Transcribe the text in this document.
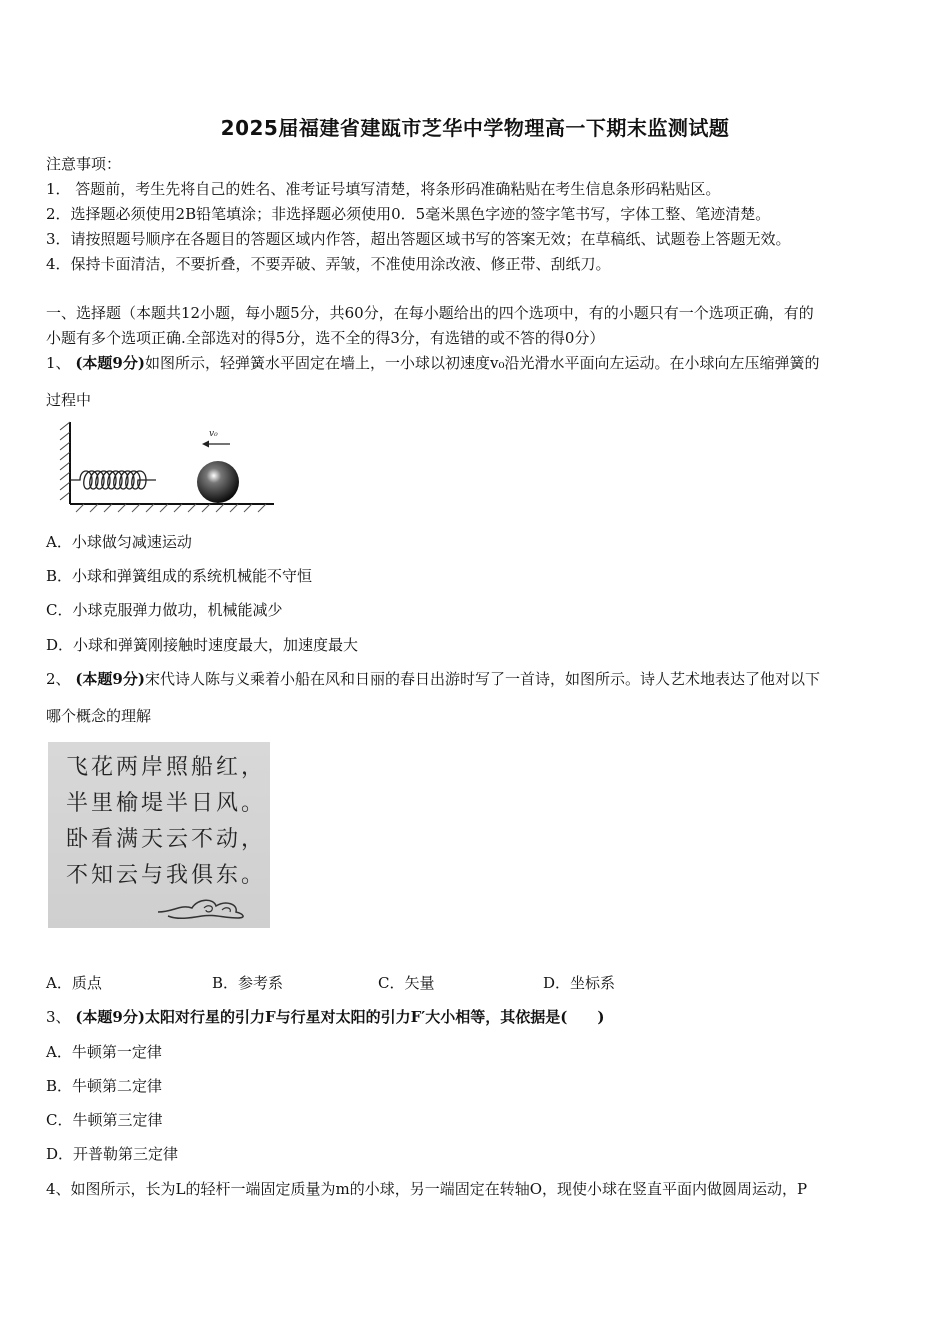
2025届福建省建瓯市芝华中学物理高一下期末监测试题
注意事项：
1． 答题前，考生先将自己的姓名、准考证号填写清楚，将条形码准确粘贴在考生信息条形码粘贴区。
2．选择题必须使用2B铅笔填涂；非选择题必须使用0．5毫米黑色字迹的签字笔书写，字体工整、笔迹清楚。
3．请按照题号顺序在各题目的答题区域内作答，超出答题区域书写的答案无效；在草稿纸、试题卷上答题无效。
4．保持卡面清洁，不要折叠，不要弄破、弄皱，不准使用涂改液、修正带、刮纸刀。
一、选择题（本题共12小题，每小题5分，共60分，在每小题给出的四个选项中，有的小题只有一个选项正确，有的
小题有多个选项正确.全部选对的得5分，选不全的得3分，有选错的或不答的得0分）
1、 (本题9分)如图所示，轻弹簧水平固定在墙上，一小球以初速度v₀沿光滑水平面向左运动。在小球向左压缩弹簧的
过程中
v₀
A．小球做匀减速运动
B．小球和弹簧组成的系统机械能不守恒
C．小球克服弹力做功，机械能减少
D．小球和弹簧刚接触时速度最大，加速度最大
2、 (本题9分)宋代诗人陈与义乘着小船在风和日丽的春日出游时写了一首诗，如图所示。诗人艺术地表达了他对以下
哪个概念的理解
飞花两岸照船红，
半里榆堤半日风。
卧看满天云不动，
不知云与我俱东。
A．质点	B．参考系	C．矢量	D．坐标系
3、 (本题9分)太阳对行星的引力F与行星对太阳的引力F′大小相等，其依据是(　　)
A．牛顿第一定律
B．牛顿第二定律
C．牛顿第三定律
D．开普勒第三定律
4、如图所示，长为L的轻杆一端固定质量为m的小球，另一端固定在转轴O，现使小球在竖直平面内做圆周运动，P
